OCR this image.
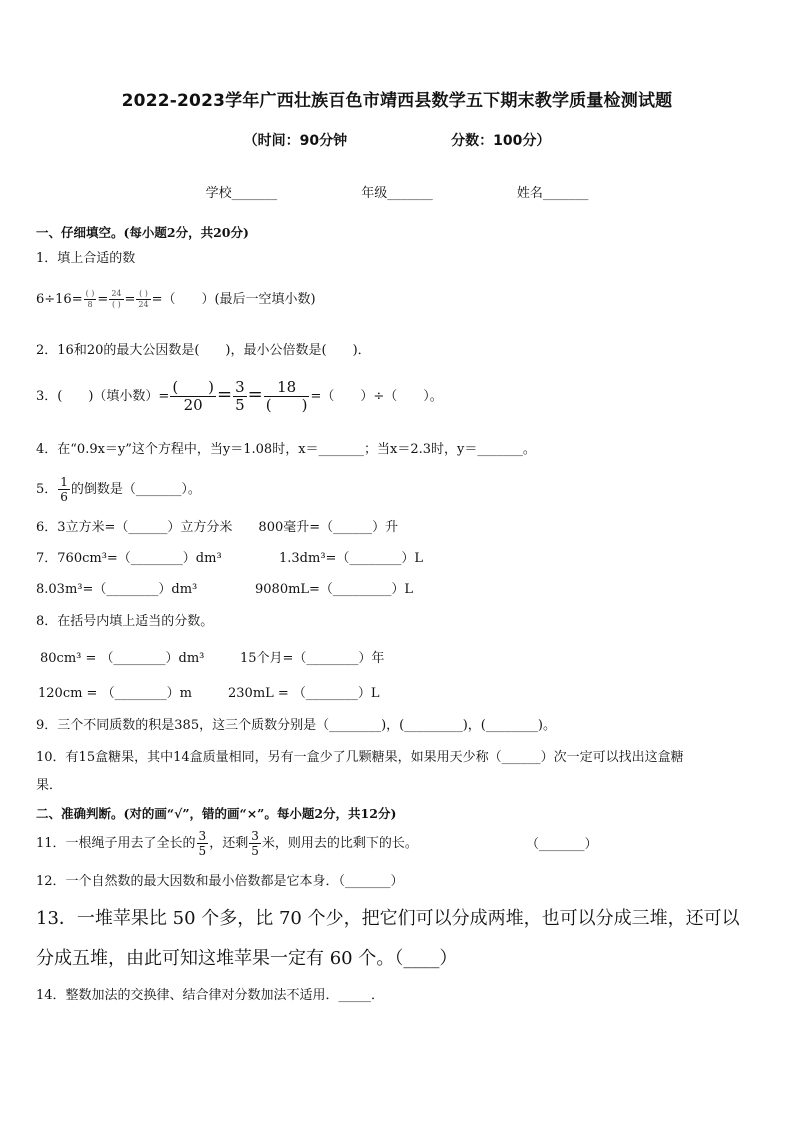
2022-2023学年广西壮族百色市靖西县数学五下期末教学质量检测试题
（时间：90分钟	分数：100分）
学校_______	年级_______	姓名_______
一、仔细填空。(每小题2分，共20分)
1．填上合适的数
$6\div 16= \frac{( )}{8} = \frac{24}{( )} = \frac{( )}{24}$ =（　　）(最后一空填小数)
2．16和20的最大公因数是(　　)，最小公倍数是(　　)．
3．(　　)（填小数）= $\frac{( )}{20} = \frac{3}{5} = \frac{18}{( )}$ =（　　）÷（　　）。
4．在“0.9x＝y”这个方程中，当y＝1.08时，x＝_______；当x＝2.3时，y＝_______。
5． $\frac{1}{6}$ 的倒数是（_______）。
6．3立方米=（______）立方分米　　800毫升=（______）升
7．760cm³=（________）dm³	1.3dm³=（________）L
8.03m³=（________）dm³	9080mL=（_________）L
8．在括号内填上适当的分数。
80cm³ = （________）dm³	15个月=（________）年
120cm = （________）m	230mL = （________）L
9．三个不同质数的积是385，这三个质数分别是（________)，(_________)，(________)。
10．有15盒糖果，其中14盒质量相同，另有一盒少了几颗糖果，如果用天少称（______）次一定可以找出这盒糖
果．
二、准确判断。(对的画“√”，错的画“×”。每小题2分，共12分)
11．一根绳子用去了全长的 $\frac{3}{5}$ ，还剩 $\frac{3}{5}$ 米，则用去的比剩下的长。	（_______）
12．一个自然数的最大因数和最小倍数都是它本身．（_______）
13．一堆苹果比 50 个多，比 70 个少，把它们可以分成两堆，也可以分成三堆，还可以
分成五堆，由此可知这堆苹果一定有 60 个。（____）
14．整数加法的交换律、结合律对分数加法不适用．_____．
